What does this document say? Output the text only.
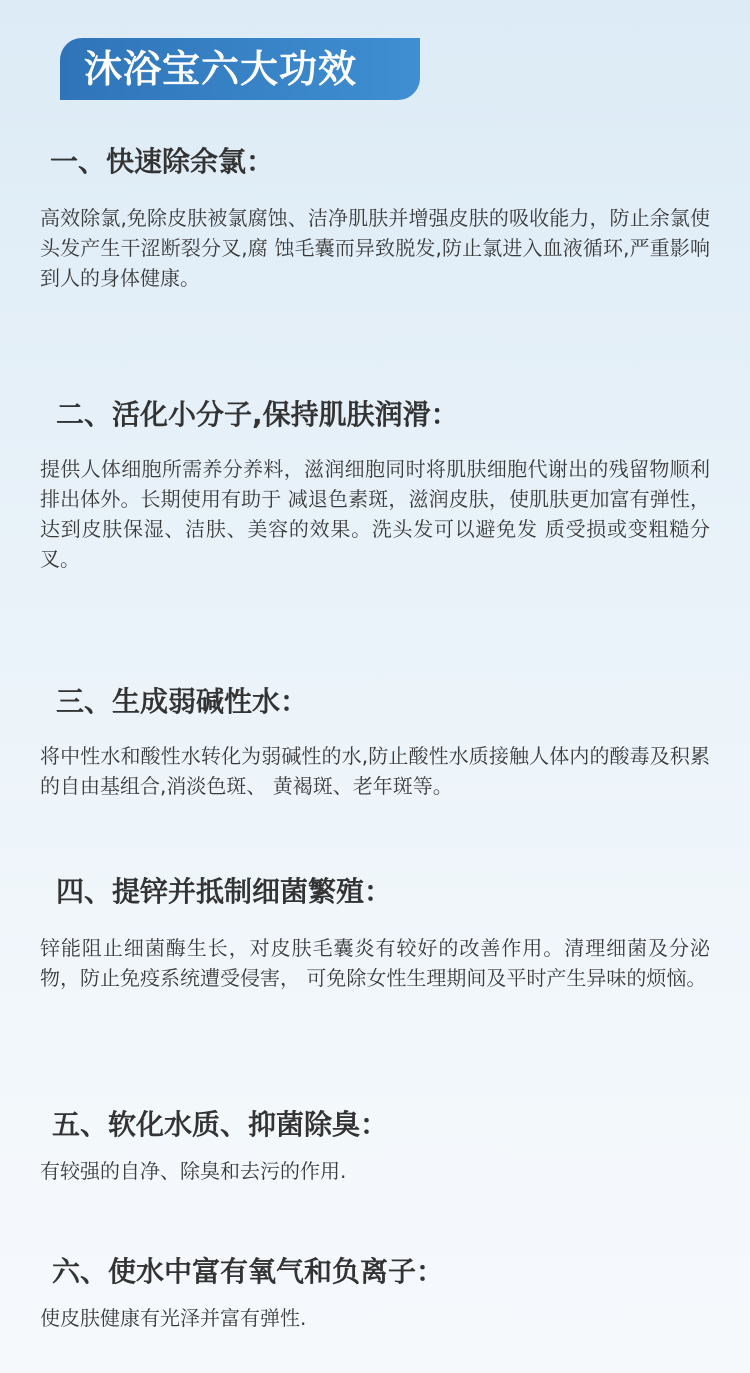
沐浴宝六大功效
一、快速除余氯：

高效除氯,免除皮肤被氯腐蚀、洁净肌肤并增强皮肤的吸收能力，防止余氯使头发产生干涩断裂分叉,腐 蚀毛囊而异致脱发,防止氯进入血液循环,严重影响到人的身体健康。

二、活化小分子,保持肌肤润滑：

提供人体细胞所需养分养料，滋润细胞同时将肌肤细胞代谢出的残留物顺利排出体外。长期使用有助于 减退色素斑，滋润皮肤，使肌肤更加富有弹性，达到皮肤保湿、洁肤、美容的效果。洗头发可以避免发 质受损或变粗糙分叉。

三、生成弱碱性水：

将中性水和酸性水转化为弱碱性的水,防止酸性水质接触人体内的酸毒及积累的自由基组合,消淡色斑、 黄褐斑、老年斑等。

四、提锌并抵制细菌繁殖：

锌能阻止细菌酶生长，对皮肤毛囊炎有较好的改善作用。清理细菌及分泌物，防止免疫系统遭受侵害， 可免除女性生理期间及平时产生异味的烦恼。

五、软化水质、抑菌除臭：

有较强的自净、除臭和去污的作用.

六、使水中富有氧气和负离子：

使皮肤健康有光泽并富有弹性.
